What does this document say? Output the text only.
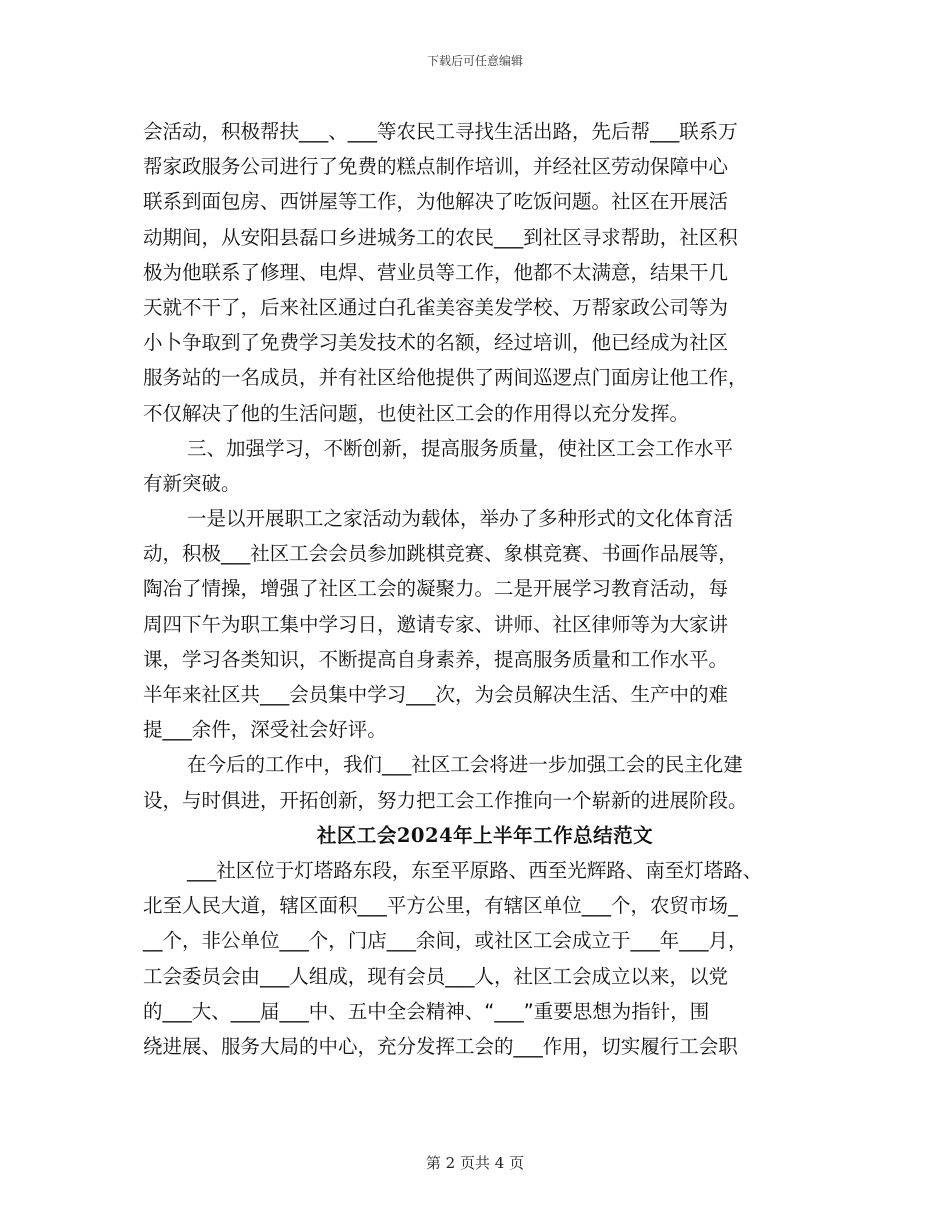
下载后可任意编辑
会活动，积极帮扶___、___等农民工寻找生活出路，先后帮___联系万
帮家政服务公司进行了免费的糕点制作培训，并经社区劳动保障中心
联系到面包房、西饼屋等工作，为他解决了吃饭问题。社区在开展活
动期间，从安阳县磊口乡进城务工的农民___到社区寻求帮助，社区积
极为他联系了修理、电焊、营业员等工作，他都不太满意，结果干几
天就不干了，后来社区通过白孔雀美容美发学校、万帮家政公司等为
小卜争取到了免费学习美发技术的名额，经过培训，他已经成为社区
服务站的一名成员，并有社区给他提供了两间巡逻点门面房让他工作，
不仅解决了他的生活问题，也使社区工会的作用得以充分发挥。
三、加强学习，不断创新，提高服务质量，使社区工会工作水平
有新突破。
一是以开展职工之家活动为载体，举办了多种形式的文化体育活
动，积极___社区工会会员参加跳棋竞赛、象棋竞赛、书画作品展等，
陶冶了情操，增强了社区工会的凝聚力。二是开展学习教育活动，每
周四下午为职工集中学习日，邀请专家、讲师、社区律师等为大家讲
课，学习各类知识，不断提高自身素养，提高服务质量和工作水平。
半年来社区共___会员集中学习___次，为会员解决生活、生产中的难
提___余件，深受社会好评。
在今后的工作中，我们___社区工会将进一步加强工会的民主化建
设，与时俱进，开拓创新，努力把工会工作推向一个崭新的进展阶段。
社区工会2024年上半年工作总结范文
___社区位于灯塔路东段，东至平原路、西至光辉路、南至灯塔路、
北至人民大道，辖区面积___平方公里，有辖区单位___个，农贸市场_
__个，非公单位___个，门店___余间，或社区工会成立于___年___月，
工会委员会由___人组成，现有会员___人，社区工会成立以来，以党
的___大、___届___中、五中全会精神、“___”重要思想为指针，围
绕进展、服务大局的中心，充分发挥工会的___作用，切实履行工会职
第 2 页共 4 页
